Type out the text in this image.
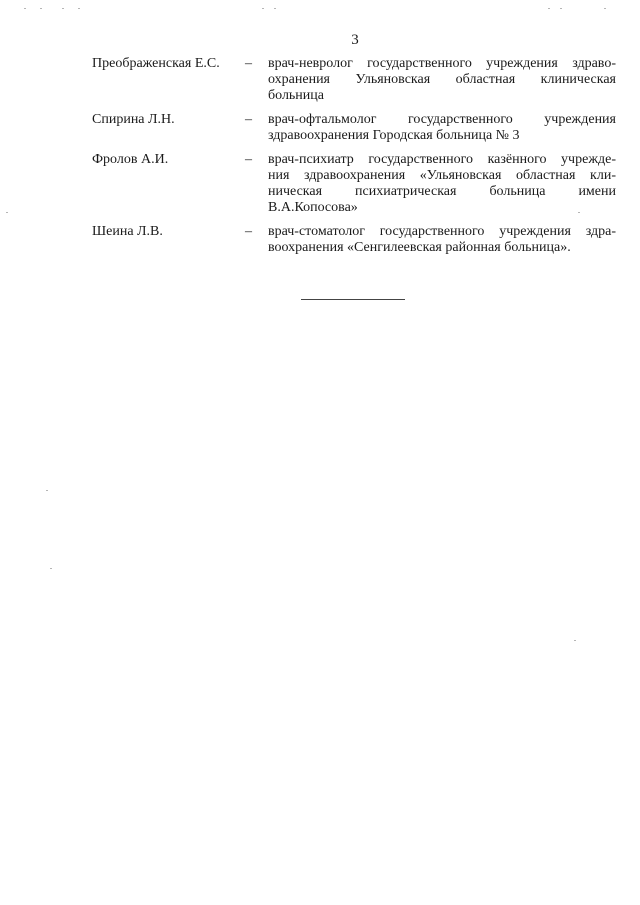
3
Преображенская Е.С. – врач-невролог государственного учреждения здраво-
охранения Ульяновская областная клиническая
больница
Спирина Л.Н.	– врач-офтальмолог государственного учреждения
здравоохранения Городская больница № 3
Фролов А.И.	– врач-психиатр государственного казённого учрежде-
ния здравоохранения «Ульяновская областная кли-
ническая психиатрическая больница имени
В.А.Копосова»
Шеина Л.В.	– врач-стоматолог государственного учреждения здра-
воохранения «Сенгилеевская районная больница».
